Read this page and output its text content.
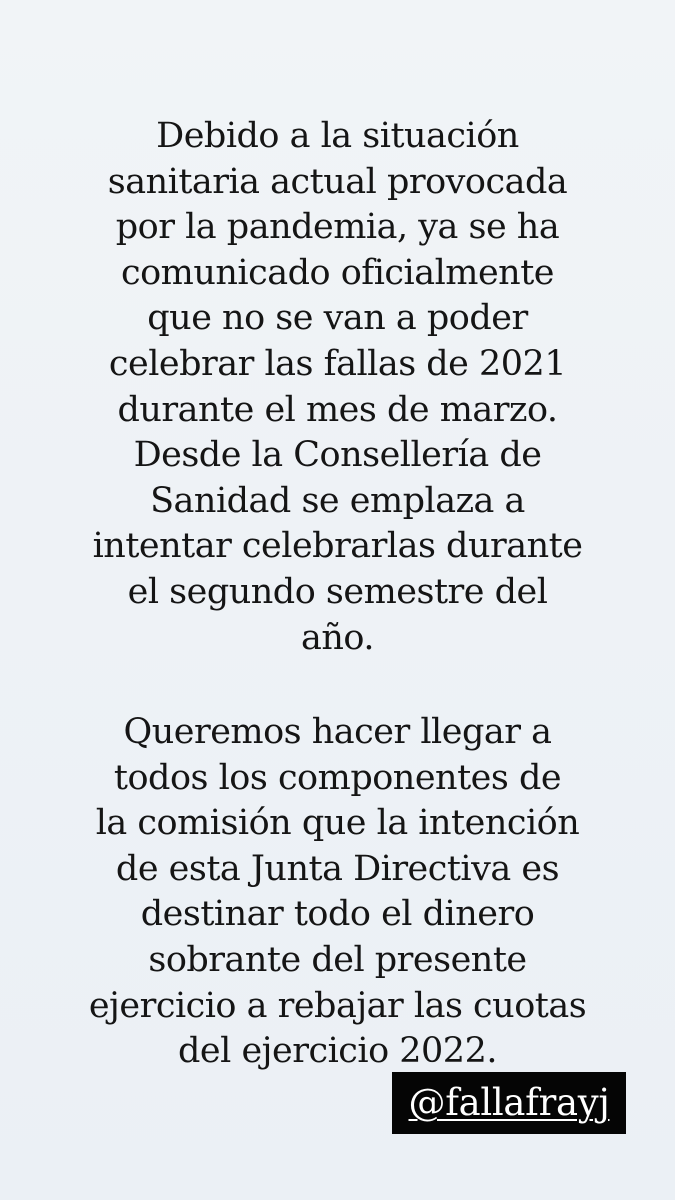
Debido a la situación
sanitaria actual provocada
por la pandemia, ya se ha
comunicado oficialmente
que no se van a poder
celebrar las fallas de 2021
durante el mes de marzo.
Desde la Consellería de
Sanidad se emplaza a
intentar celebrarlas durante
el segundo semestre del
año.
Queremos hacer llegar a
todos los componentes de
la comisión que la intención
de esta Junta Directiva es
destinar todo el dinero
sobrante del presente
ejercicio a rebajar las cuotas
del ejercicio 2022.
@fallafrayj
